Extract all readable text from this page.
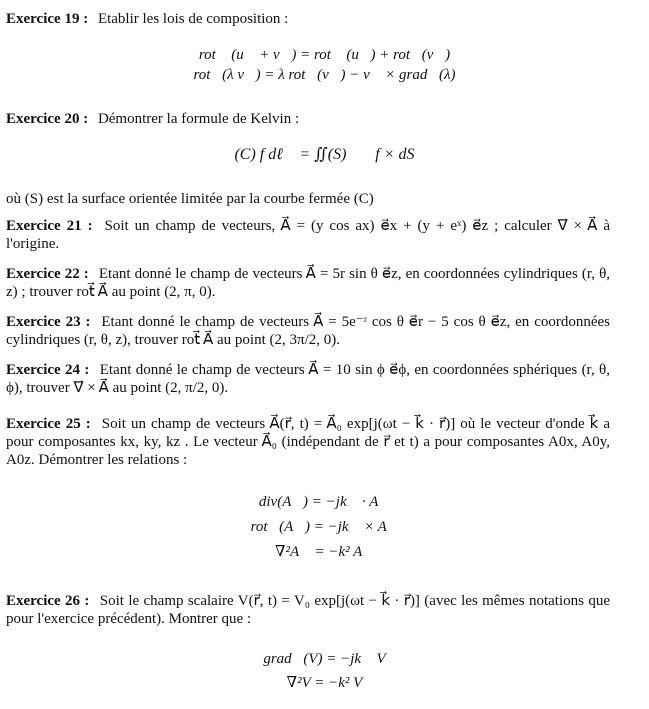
Exercice 19 : Etablir les lois de composition :
rot⃗ (u⃗ + v⃗) = rot⃗ (u⃗) + rot⃗(v⃗)
rot⃗(λ v⃗) = λ rot⃗(v⃗) − v⃗ × grad⃗(λ)
Exercice 20 : Démontrer la formule de Kelvin :
∮(C) f dℓ⃗ = ∬(S) ∇⃗f × dS⃗
où (S) est la surface orientée limitée par la courbe fermée (C)
Exercice 21 : Soit un champ de vecteurs, A⃗ = (y cos ax) e⃗x + (y + eˣ) e⃗z ; calculer ∇⃗ × A⃗ à l'origine.
Exercice 22 : Etant donné le champ de vecteurs A⃗ = 5r sin θ e⃗z, en coordonnées cylindriques (r, θ, z) ; trouver rot⃗ A⃗ au point (2, π, 0).
Exercice 23 : Etant donné le champ de vecteurs A⃗ = 5e⁻ʳ cos θ e⃗r − 5 cos θ e⃗z, en coordonnées cylindriques (r, θ, z), trouver rot⃗ A⃗ au point (2, 3π/2, 0).
Exercice 24 : Etant donné le champ de vecteurs A⃗ = 10 sin ϕ e⃗ϕ, en coordonnées sphériques (r, θ, ϕ), trouver ∇⃗ × A⃗ au point (2, π/2, 0).
Exercice 25 : Soit un champ de vecteurs A⃗(r⃗, t) = A⃗₀ exp[j(ωt − k⃗ · r⃗)] où le vecteur d'onde k⃗ a pour composantes kx, ky, kz . Le vecteur A⃗₀ (indépendant de r⃗ et t) a pour composantes A0x, A0y, A0z. Démontrer les relations :
div(A⃗) = −jk⃗ · A⃗
rot⃗(A⃗) = −jk⃗ × A⃗
∇²A⃗ = −k² A⃗
Exercice 26 : Soit le champ scalaire V(r⃗, t) = V₀ exp[j(ωt − k⃗ · r⃗)] (avec les mêmes notations que pour l'exercice précédent). Montrer que :
grad⃗(V) = −jk⃗ V
∇²V = −k² V
